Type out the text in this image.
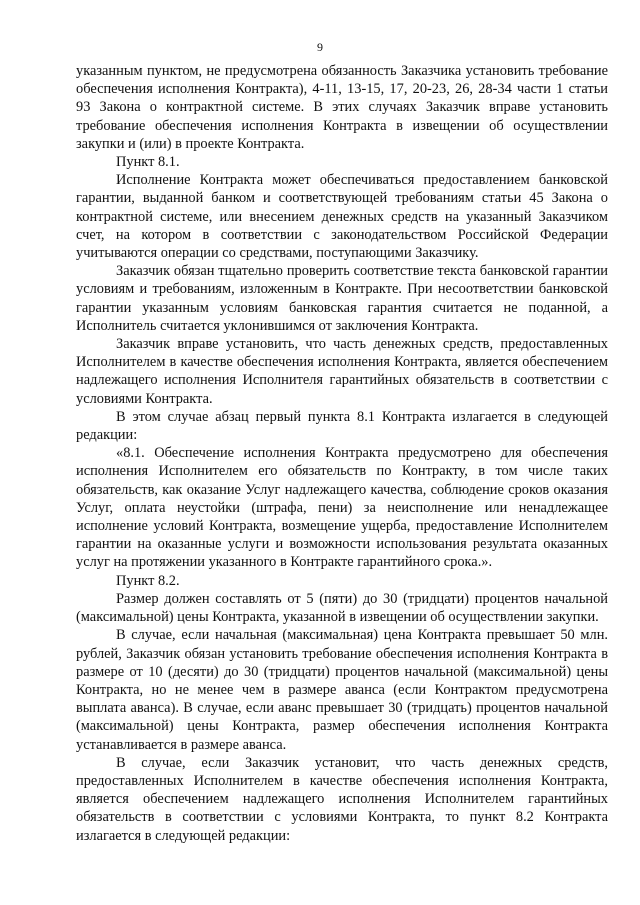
9

указанным пунктом, не предусмотрена обязанность Заказчика установить требование обеспечения исполнения Контракта), 4-11, 13-15, 17, 20-23, 26, 28-34 части 1 статьи 93 Закона о контрактной системе. В этих случаях Заказчик вправе установить требование обеспечения исполнения Контракта в извещении об осуществлении закупки и (или) в проекте Контракта.

Пункт 8.1.

Исполнение Контракта может обеспечиваться предоставлением банковской гарантии, выданной банком и соответствующей требованиям статьи 45 Закона о контрактной системе, или внесением денежных средств на указанный Заказчиком счет, на котором в соответствии с законодательством Российской Федерации учитываются операции со средствами, поступающими Заказчику.

Заказчик обязан тщательно проверить соответствие текста банковской гарантии условиям и требованиям, изложенным в Контракте. При несоответствии банковской гарантии указанным условиям банковская гарантия считается не поданной, а Исполнитель считается уклонившимся от заключения Контракта.

Заказчик вправе установить, что часть денежных средств, предоставленных Исполнителем в качестве обеспечения исполнения Контракта, является обеспечением надлежащего исполнения Исполнителя гарантийных обязательств в соответствии с условиями Контракта.

В этом случае абзац первый пункта 8.1 Контракта излагается в следующей редакции:

«8.1. Обеспечение исполнения Контракта предусмотрено для обеспечения исполнения Исполнителем его обязательств по Контракту, в том числе таких обязательств, как оказание Услуг надлежащего качества, соблюдение сроков оказания Услуг, оплата неустойки (штрафа, пени) за неисполнение или ненадлежащее исполнение условий Контракта, возмещение ущерба, предоставление Исполнителем гарантии на оказанные услуги и возможности использования результата оказанных услуг на протяжении указанного в Контракте гарантийного срока.».

Пункт 8.2.

Размер должен составлять от 5 (пяти) до 30 (тридцати) процентов начальной (максимальной) цены Контракта, указанной в извещении об осуществлении закупки.

В случае, если начальная (максимальная) цена Контракта превышает 50 млн. рублей, Заказчик обязан установить требование обеспечения исполнения Контракта в размере от 10 (десяти) до 30 (тридцати) процентов начальной (максимальной) цены Контракта, но не менее чем в размере аванса (если Контрактом предусмотрена выплата аванса). В случае, если аванс превышает 30 (тридцать) процентов начальной (максимальной) цены Контракта, размер обеспечения исполнения Контракта устанавливается в размере аванса.

В случае, если Заказчик установит, что часть денежных средств, предоставленных Исполнителем в качестве обеспечения исполнения Контракта, является обеспечением надлежащего исполнения Исполнителем гарантийных обязательств в соответствии с условиями Контракта, то пункт 8.2 Контракта излагается в следующей редакции:
